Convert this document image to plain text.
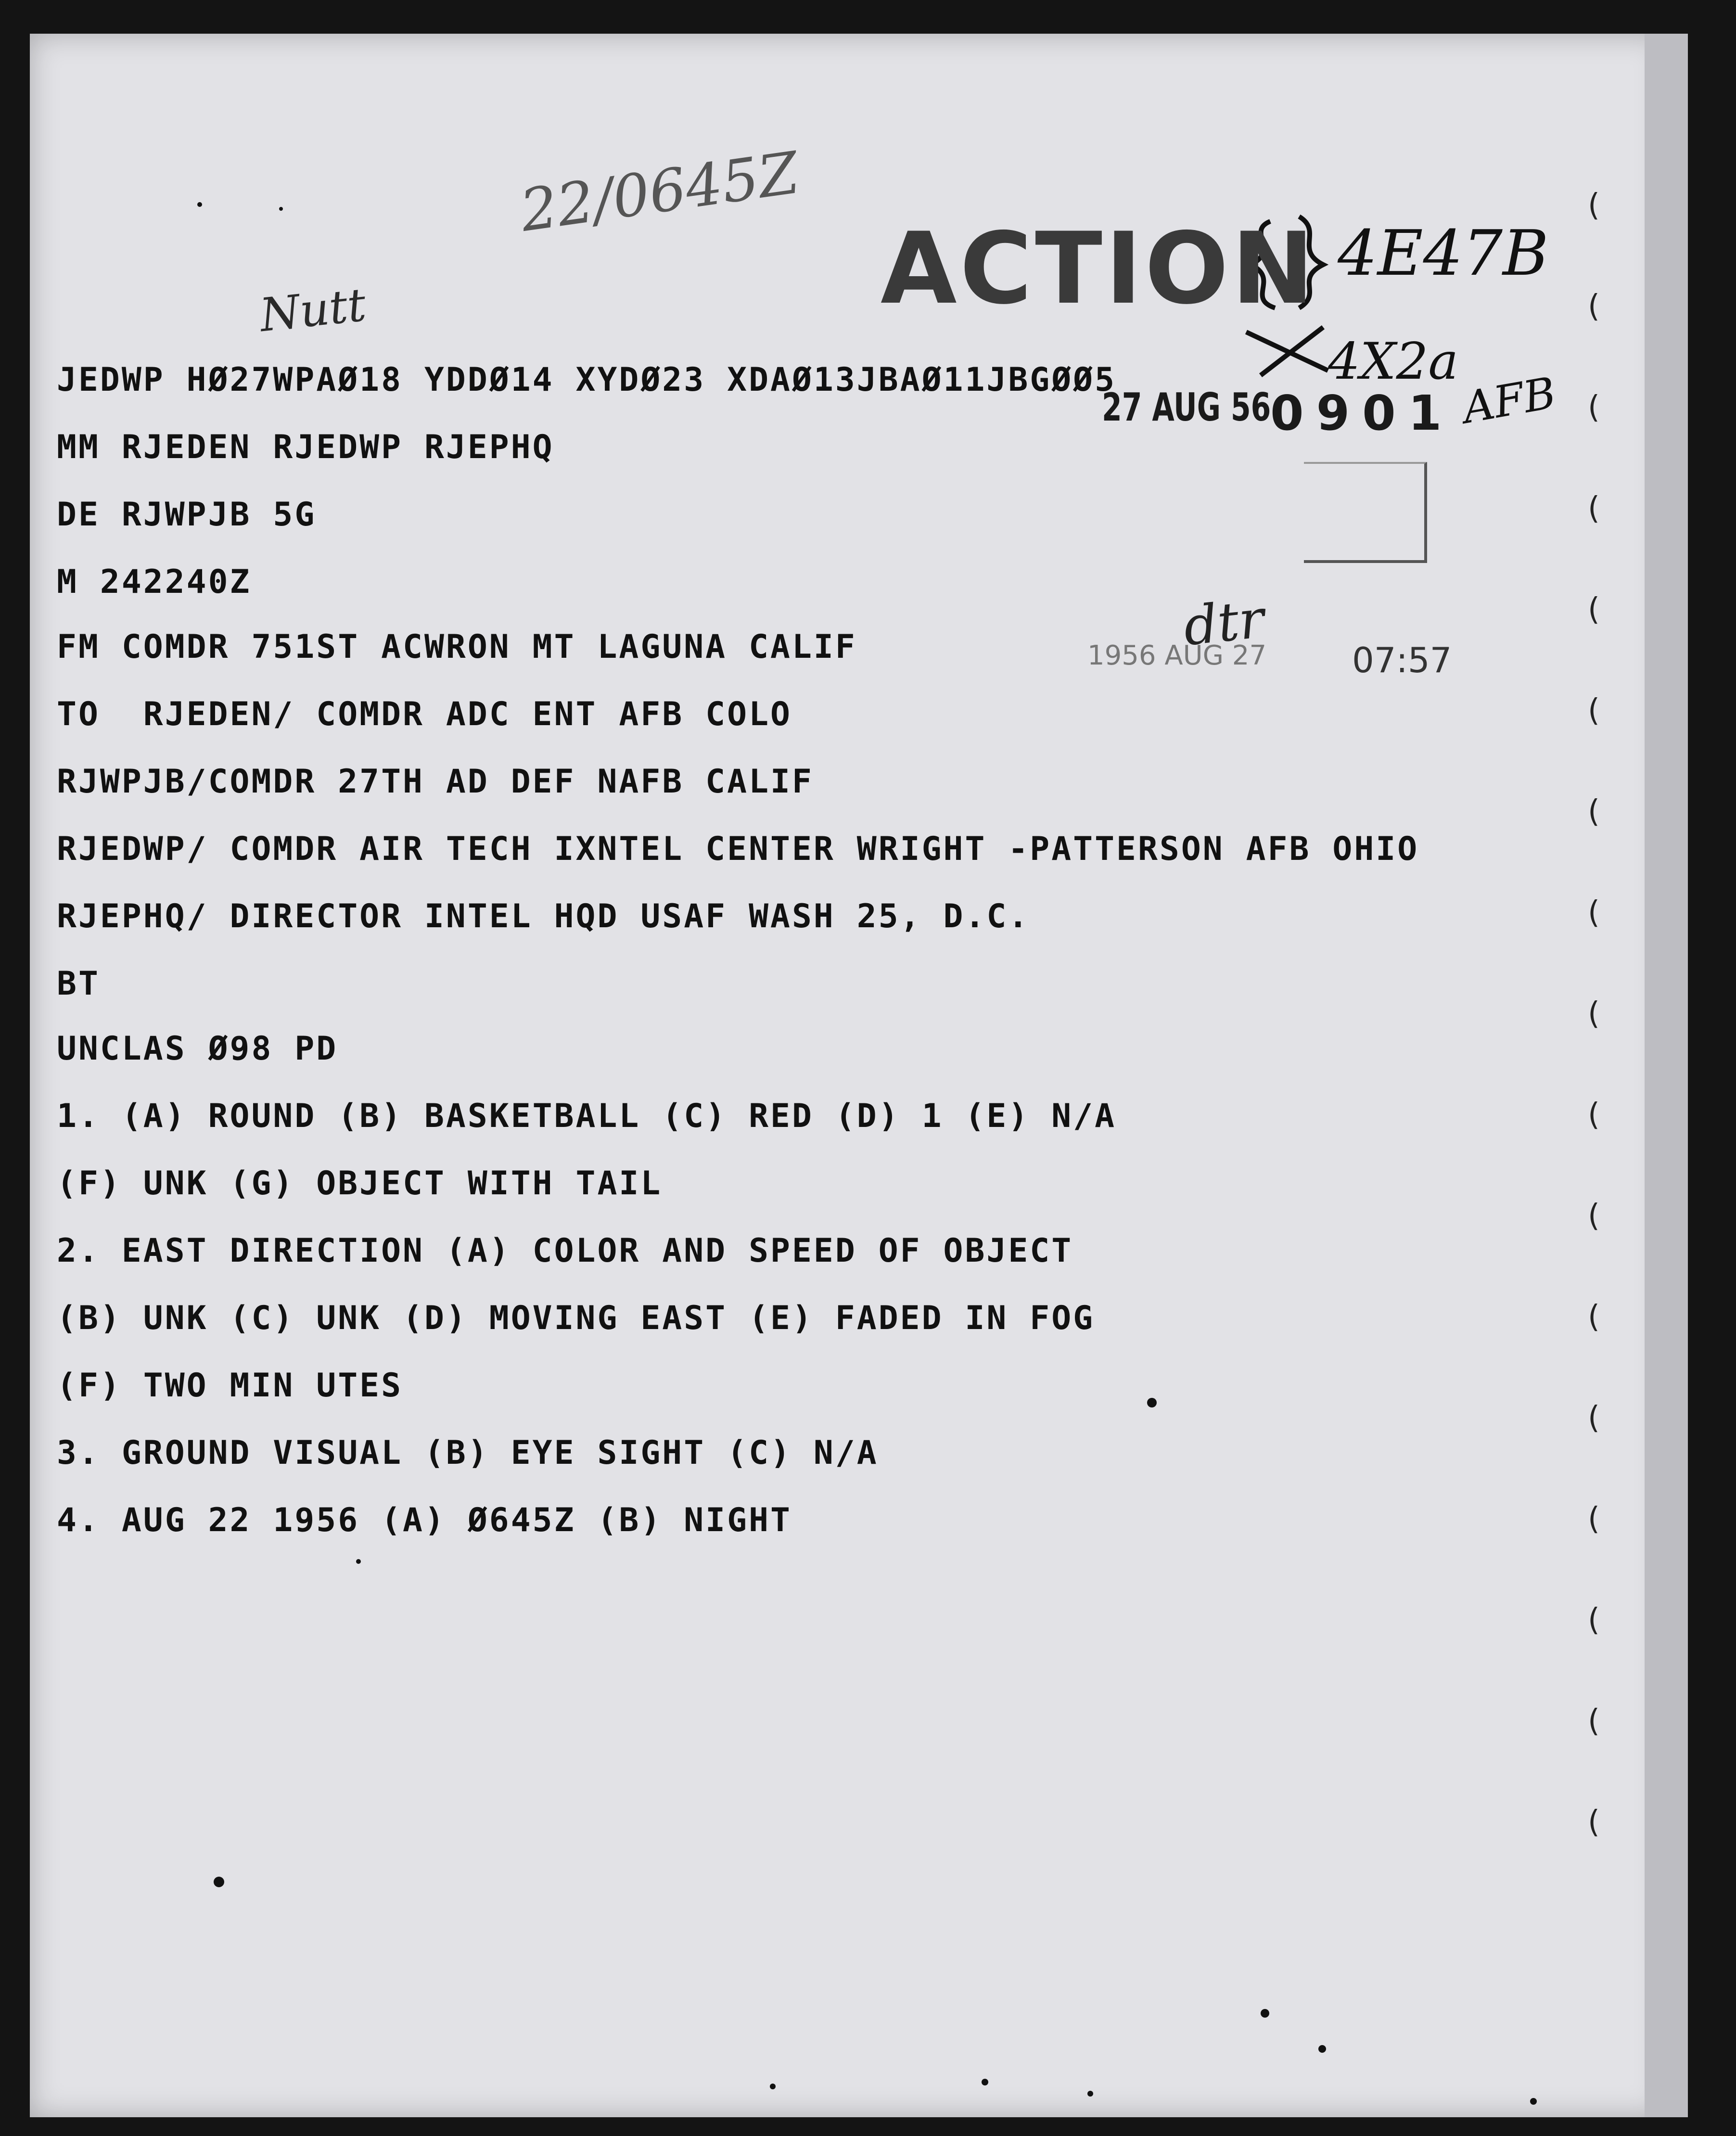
22/0645Z
Nutt
4E47B
4X2a
AFB
dtr
ACTION
27 AUG 56
0901
1956 AUG 27 07:57
JEDWP HØ27WPAØ18 YDDØ14 XYDØ23 XDAØ13JBAØ11JBGØØ5
MM RJEDEN RJEDWP RJEPHQ
DE RJWPJB 5G
M 242240Z
FM COMDR 751ST ACWRON MT LAGUNA CALIF
TO  RJEDEN/ COMDR ADC ENT AFB COLO
RJWPJB/COMDR 27TH AD DEF NAFB CALIF
RJEDWP/ COMDR AIR TECH IXNTEL CENTER WRIGHT -PATTERSON AFB OHIO
RJEPHQ/ DIRECTOR INTEL HQD USAF WASH 25, D.C.
BT
UNCLAS Ø98 PD
1. (A) ROUND (B) BASKETBALL (C) RED (D) 1 (E) N/A
(F) UNK (G) OBJECT WITH TAIL
2. EAST DIRECTION (A) COLOR AND SPEED OF OBJECT
(B) UNK (C) UNK (D) MOVING EAST (E) FADED IN FOG
(F) TWO MIN UTES
3. GROUND VISUAL (B) EYE SIGHT (C) N/A
4. AUG 22 1956 (A) Ø645Z (B) NIGHT
(
(
(
(
(
(
(
(
(
(
(
(
(
(
(
(
(
